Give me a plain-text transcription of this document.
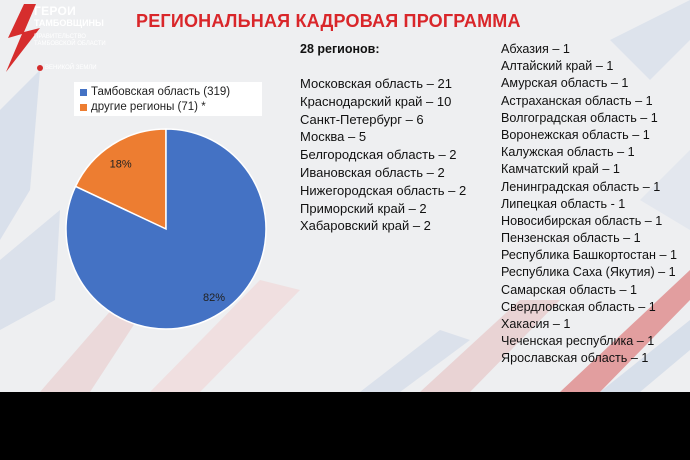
ГЕРОИ
ТАМБОВЩИНЫ
ПРАВИТЕЛЬСТВО
ТАМБОВСКОЙ ОБЛАСТИ
ВЕНИКОЙ ЗЕМЛИ
РЕГИОНАЛЬНАЯ КАДРОВАЯ ПРОГРАММА
Тамбовская область (319)
другие регионы (71) *
82%
18%
28 регионов:
Московская область – 21
Краснодарский край – 10
Санкт-Петербург – 6
Москва – 5
Белгородская область – 2
Ивановская область – 2
Нижегородская область – 2
Приморский край – 2
Хабаровский край – 2
Абхазия – 1
Алтайский край – 1
Амурская область – 1
Астраханская область – 1
Волгоградская область – 1
Воронежская область – 1
Калужская область – 1
Камчатский край – 1
Ленинградская область – 1
Липецкая область - 1
Новосибирская область – 1
Пензенская область – 1
Республика Башкортостан – 1
Республика Саха (Якутия) – 1
Самарская область – 1
Свердловская область – 1
Хакасия – 1
Чеченская республика – 1
Ярославская область – 1
